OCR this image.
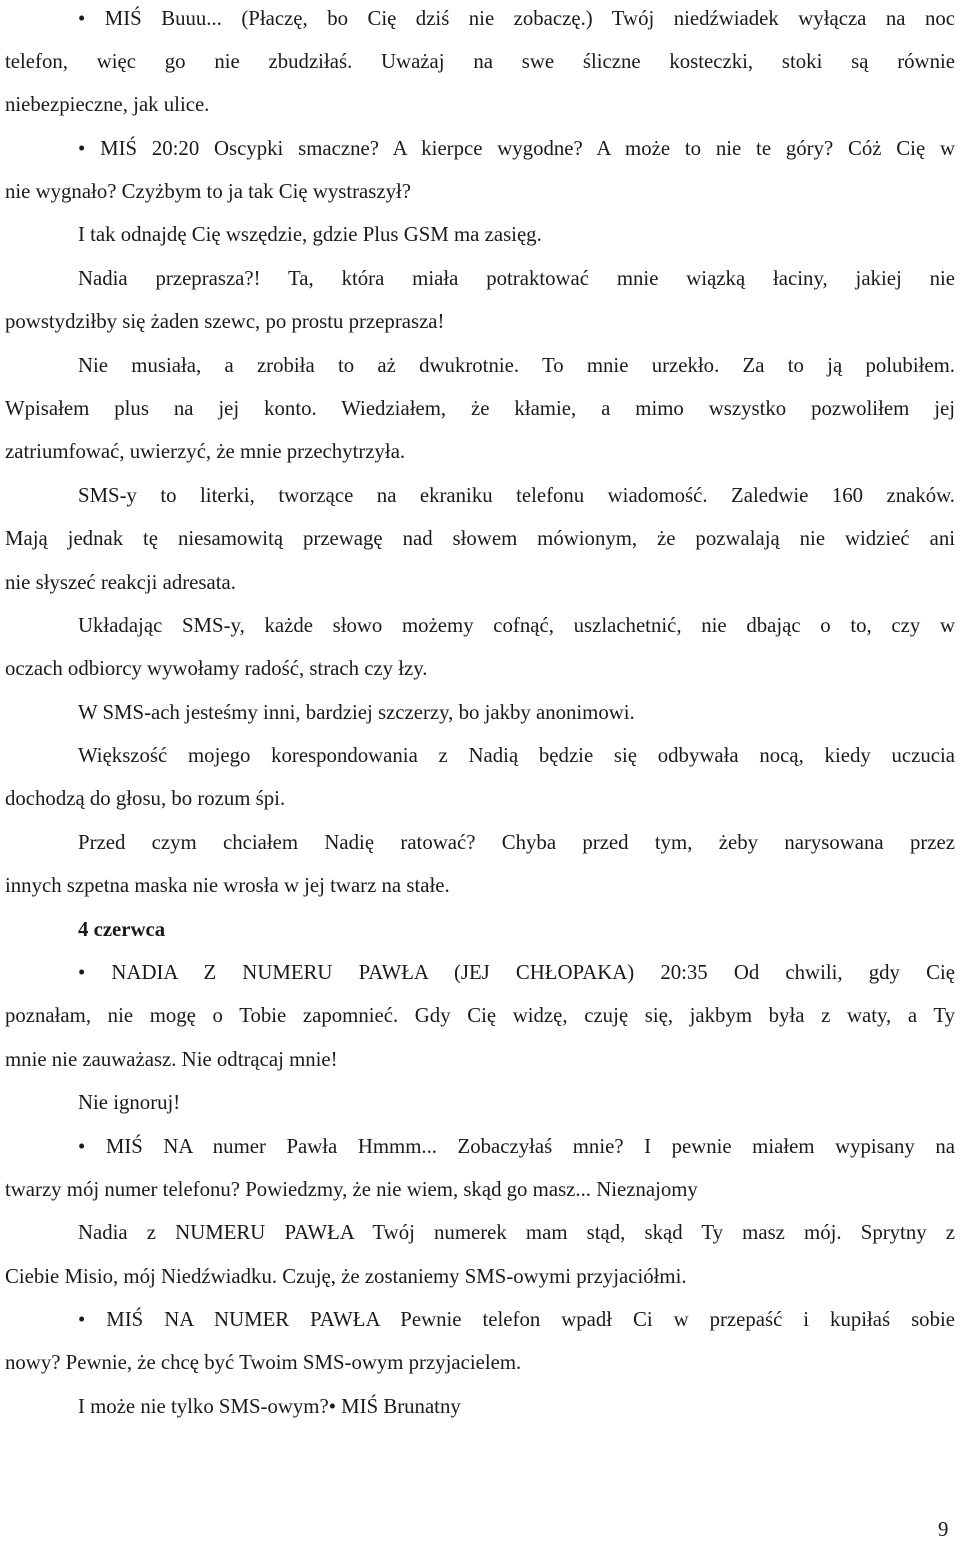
• MIŚ Buuu... (Płaczę, bo Cię dziś nie zobaczę.) Twój niedźwiadek wyłącza na noc
telefon, więc go nie zbudziłaś. Uważaj na swe śliczne kosteczki, stoki są równie
niebezpieczne, jak ulice.
• MIŚ 20:20 Oscypki smaczne? A kierpce wygodne? A może to nie te góry? Cóż Cię w
nie wygnało? Czyżbym to ja tak Cię wystraszył?
I tak odnajdę Cię wszędzie, gdzie Plus GSM ma zasięg.
Nadia przeprasza?! Ta, która miała potraktować mnie wiązką łaciny, jakiej nie
powstydziłby się żaden szewc, po prostu przeprasza!
Nie musiała, a zrobiła to aż dwukrotnie. To mnie urzekło. Za to ją polubiłem.
Wpisałem plus na jej konto. Wiedziałem, że kłamie, a mimo wszystko pozwoliłem jej
zatriumfować, uwierzyć, że mnie przechytrzyła.
SMS-y to literki, tworzące na ekraniku telefonu wiadomość. Zaledwie 160 znaków.
Mają jednak tę niesamowitą przewagę nad słowem mówionym, że pozwalają nie widzieć ani
nie słyszeć reakcji adresata.
Układając SMS-y, każde słowo możemy cofnąć, uszlachetnić, nie dbając o to, czy w
oczach odbiorcy wywołamy radość, strach czy łzy.
W SMS-ach jesteśmy inni, bardziej szczerzy, bo jakby anonimowi.
Większość mojego korespondowania z Nadią będzie się odbywała nocą, kiedy uczucia
dochodzą do głosu, bo rozum śpi.
Przed czym chciałem Nadię ratować? Chyba przed tym, żeby narysowana przez
innych szpetna maska nie wrosła w jej twarz na stałe.
4 czerwca
• NADIA Z NUMERU PAWŁA (JEJ CHŁOPAKA) 20:35 Od chwili, gdy Cię
poznałam, nie mogę o Tobie zapomnieć. Gdy Cię widzę, czuję się, jakbym była z waty, a Ty
mnie nie zauważasz. Nie odtrącaj mnie!
Nie ignoruj!
• MIŚ NA numer Pawła Hmmm... Zobaczyłaś mnie? I pewnie miałem wypisany na
twarzy mój numer telefonu? Powiedzmy, że nie wiem, skąd go masz... Nieznajomy
Nadia z NUMERU PAWŁA Twój numerek mam stąd, skąd Ty masz mój. Sprytny z
Ciebie Misio, mój Niedźwiadku. Czuję, że zostaniemy SMS-owymi przyjaciółmi.
• MIŚ NA NUMER PAWŁA Pewnie telefon wpadł Ci w przepaść i kupiłaś sobie
nowy? Pewnie, że chcę być Twoim SMS-owym przyjacielem.
I może nie tylko SMS-owym?• MIŚ Brunatny
9
